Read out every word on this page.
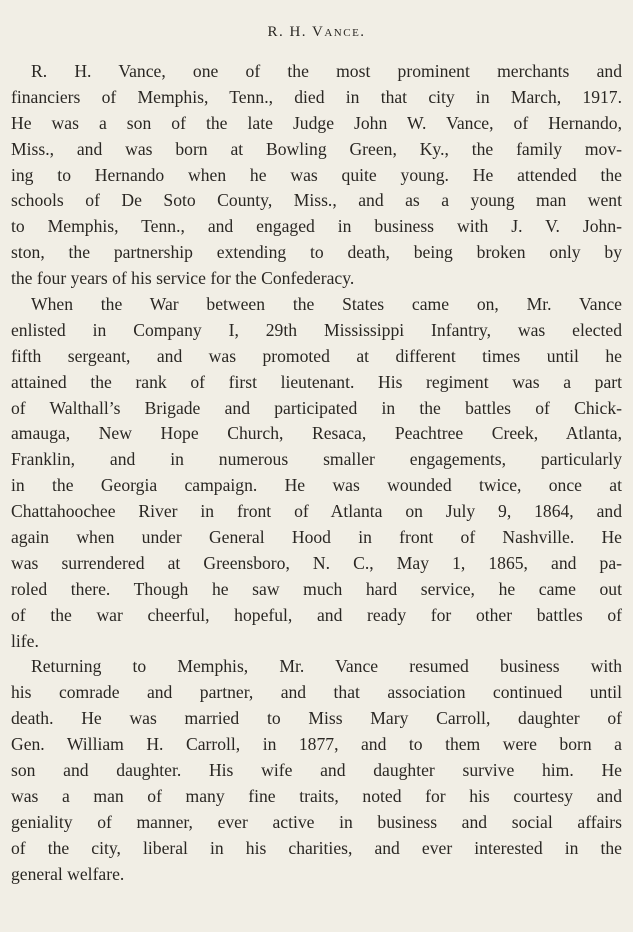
R. H. Vance.
R. H. Vance, one of the most prominent merchants and
financiers of Memphis, Tenn., died in that city in March, 1917.
He was a son of the late Judge John W. Vance, of Hernando,
Miss., and was born at Bowling Green, Ky., the family mov-
ing to Hernando when he was quite young. He attended the
schools of De Soto County, Miss., and as a young man went
to Memphis, Tenn., and engaged in business with J. V. John-
ston, the partnership extending to death, being broken only by
the four years of his service for the Confederacy.
When the War between the States came on, Mr. Vance
enlisted in Company I, 29th Mississippi Infantry, was elected
fifth sergeant, and was promoted at different times until he
attained the rank of first lieutenant. His regiment was a part
of Walthall’s Brigade and participated in the battles of Chick-
amauga, New Hope Church, Resaca, Peachtree Creek, Atlanta,
Franklin, and in numerous smaller engagements, particularly
in the Georgia campaign. He was wounded twice, once at
Chattahoochee River in front of Atlanta on July 9, 1864, and
again when under General Hood in front of Nashville. He
was surrendered at Greensboro, N. C., May 1, 1865, and pa-
roled there. Though he saw much hard service, he came out
of the war cheerful, hopeful, and ready for other battles of
life.
Returning to Memphis, Mr. Vance resumed business with
his comrade and partner, and that association continued until
death. He was married to Miss Mary Carroll, daughter of
Gen. William H. Carroll, in 1877, and to them were born a
son and daughter. His wife and daughter survive him. He
was a man of many fine traits, noted for his courtesy and
geniality of manner, ever active in business and social affairs
of the city, liberal in his charities, and ever interested in the
general welfare.
